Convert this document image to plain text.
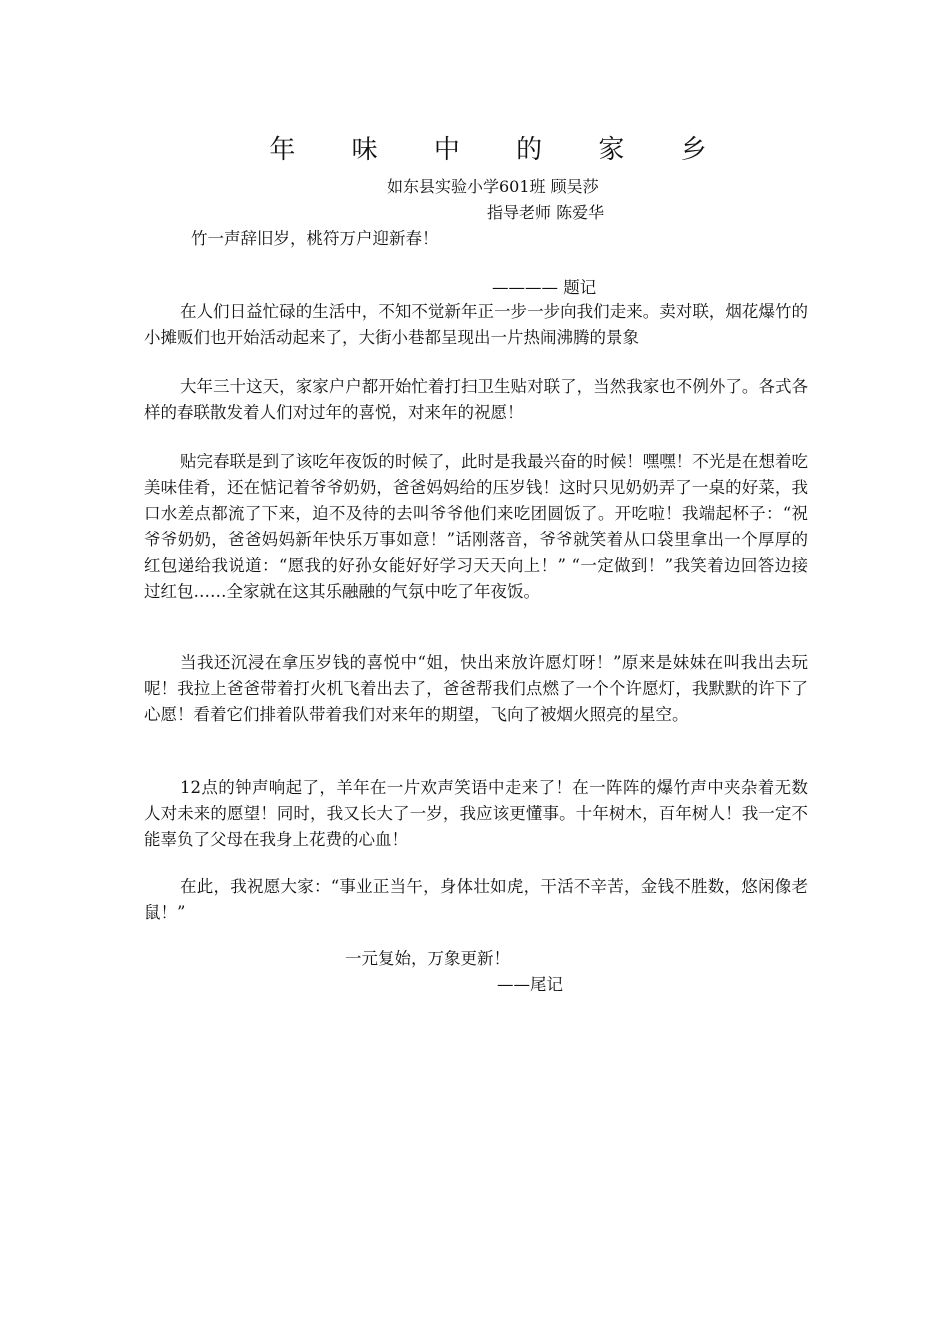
年 味 中 的 家 乡
如东县实验小学601班 顾吴莎
指导老师 陈爱华
竹一声辞旧岁，桃符万户迎新春！
———— 题记

在人们日益忙碌的生活中，不知不觉新年正一步一步向我们走来。卖对联，烟花爆竹的小摊贩们也开始活动起来了，大街小巷都呈现出一片热闹沸腾的景象

大年三十这天，家家户户都开始忙着打扫卫生贴对联了，当然我家也不例外了。各式各样的春联散发着人们对过年的喜悦，对来年的祝愿！

贴完春联是到了该吃年夜饭的时候了，此时是我最兴奋的时候！嘿嘿！不光是在想着吃美味佳肴，还在惦记着爷爷奶奶，爸爸妈妈给的压岁钱！这时只见奶奶弄了一桌的好菜，我口水差点都流了下来，迫不及待的去叫爷爷他们来吃团圆饭了。开吃啦！我端起杯子：“祝爷爷奶奶，爸爸妈妈新年快乐万事如意！”话刚落音，爷爷就笑着从口袋里拿出一个厚厚的红包递给我说道：“愿我的好孙女能好好学习天天向上！” “一定做到！”我笑着边回答边接过红包……全家就在这其乐融融的气氛中吃了年夜饭。

当我还沉浸在拿压岁钱的喜悦中“姐，快出来放许愿灯呀！”原来是妹妹在叫我出去玩呢！我拉上爸爸带着打火机飞着出去了，爸爸帮我们点燃了一个个许愿灯，我默默的许下了心愿！看着它们排着队带着我们对来年的期望，飞向了被烟火照亮的星空。

12点的钟声响起了，羊年在一片欢声笑语中走来了！在一阵阵的爆竹声中夹杂着无数人对未来的愿望！同时，我又长大了一岁，我应该更懂事。十年树木，百年树人！我一定不能辜负了父母在我身上花费的心血！

在此，我祝愿大家：“事业正当午，身体壮如虎，干活不辛苦，金钱不胜数，悠闲像老鼠！”

一元复始，万象更新！
——尾记
